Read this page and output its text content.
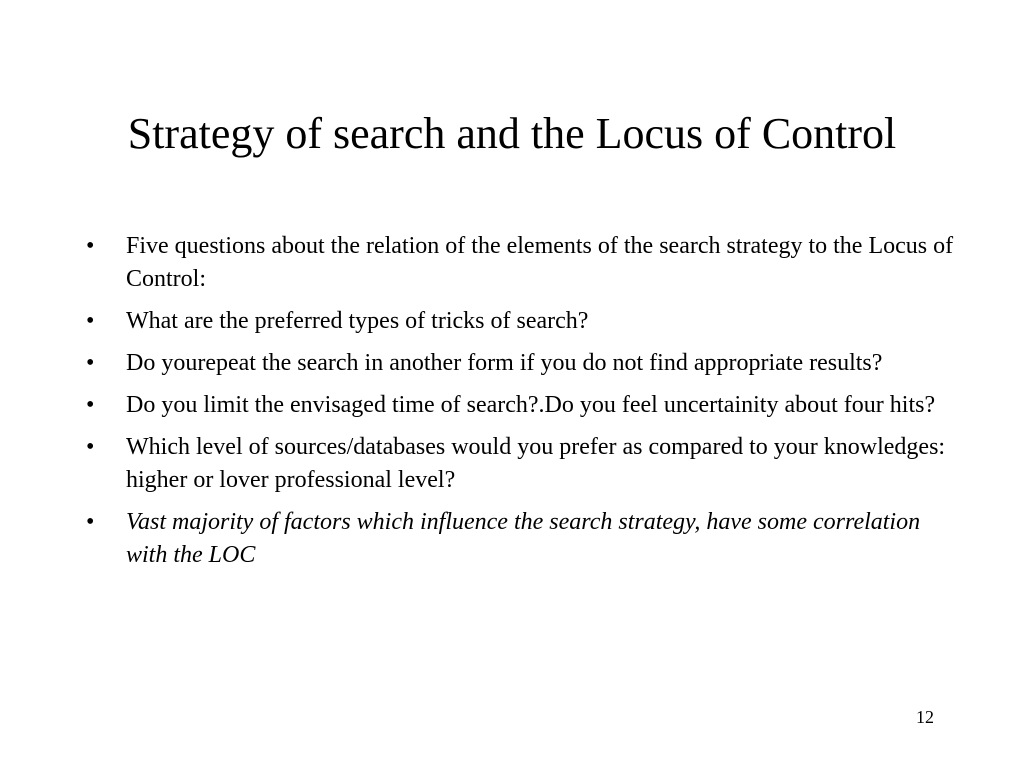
Strategy of search and the Locus of Control
• Five questions about the relation of the elements of the search strategy to the Locus of Control:
• What are the preferred types of tricks of search?
• Do yourepeat the search in another form if you do not find appropriate results?
• Do you limit the envisaged time of search?.Do you feel uncertainity about four hits?
• Which level of sources/databases would you prefer as compared to your knowledges: higher or lover professional level?
• Vast majority of factors which influence the search strategy, have some correlation with the LOC
12
